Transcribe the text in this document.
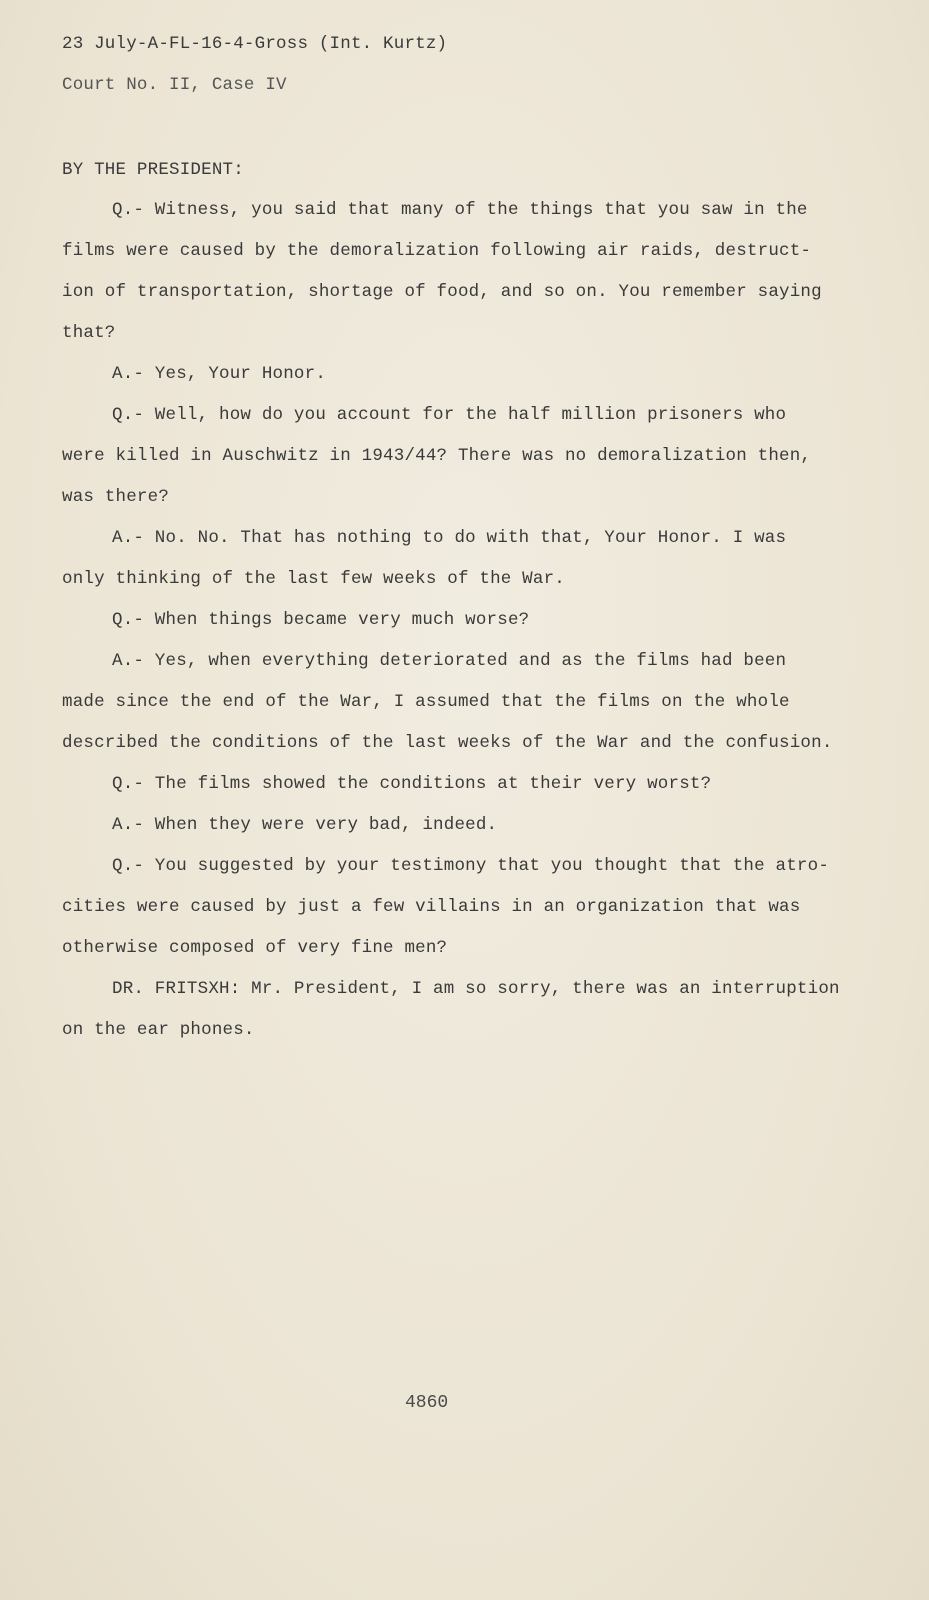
23 July-A-FL-16-4-Gross (Int. Kurtz)
Court No. II, Case IV
BY THE PRESIDENT:
Q.- Witness, you said that many of the things that you saw in the
films were caused by the demoralization following air raids, destruct-
ion of transportation, shortage of food, and so on. You remember saying
that?
A.- Yes, Your Honor.
Q.- Well, how do you account for the half million prisoners who
were killed in Auschwitz in 1943/44? There was no demoralization then,
was there?
A.- No. No. That has nothing to do with that, Your Honor. I was
only thinking of the last few weeks of the War.
Q.- When things became very much worse?
A.- Yes, when everything deteriorated and as the films had been
made since the end of the War, I assumed that the films on the whole
described the conditions of the last weeks of the War and the confusion.
Q.- The films showed the conditions at their very worst?
A.- When they were very bad, indeed.
Q.- You suggested by your testimony that you thought that the atro-
cities were caused by just a few villains in an organization that was
otherwise composed of very fine men?
DR. FRITSXH: Mr. President, I am so sorry, there was an interruption
on the ear phones.
4860
